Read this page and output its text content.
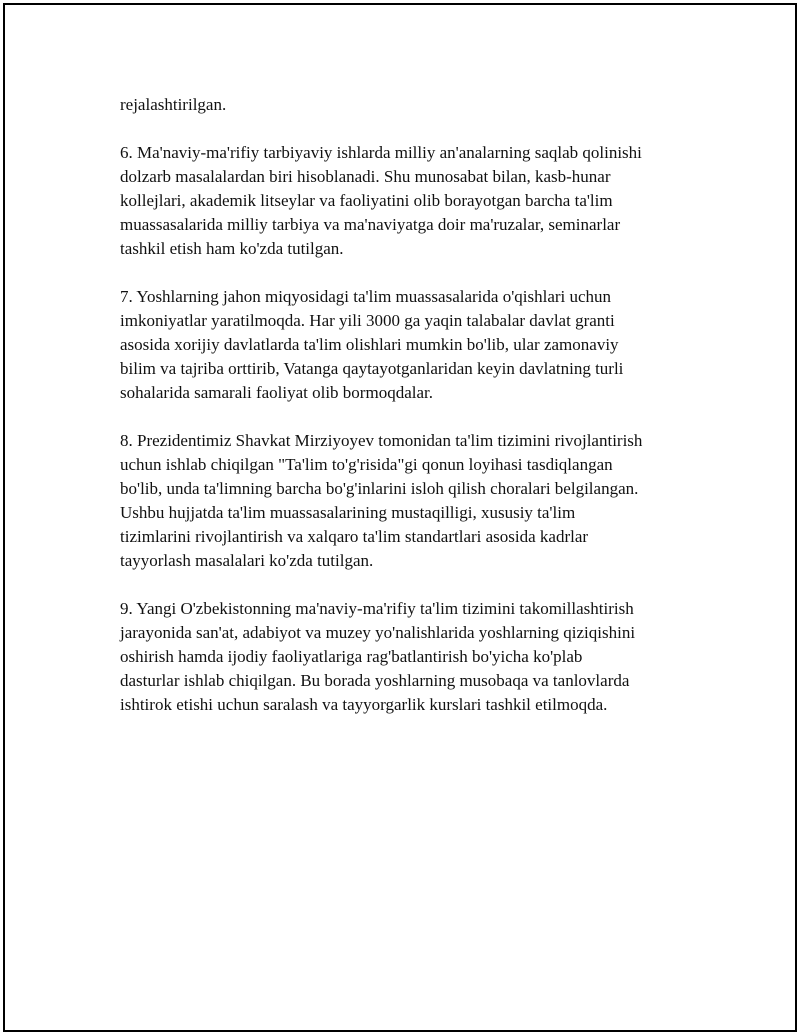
rejalashtirilgan.

6. Ma'naviy-ma'rifiy tarbiyaviy ishlarda milliy an'analarning saqlab qolinishi
dolzarb masalalardan biri hisoblanadi. Shu munosabat bilan, kasb-hunar
kollejlari, akademik litseylar va faoliyatini olib borayotgan barcha ta'lim
muassasalarida milliy tarbiya va ma'naviyatga doir ma'ruzalar, seminarlar
tashkil etish ham ko'zda tutilgan.

7. Yoshlarning jahon miqyosidagi ta'lim muassasalarida o'qishlari uchun
imkoniyatlar yaratilmoqda. Har yili 3000 ga yaqin talabalar davlat granti
asosida xorijiy davlatlarda ta'lim olishlari mumkin bo'lib, ular zamonaviy
bilim va tajriba orttirib, Vatanga qaytayotganlaridan keyin davlatning turli
sohalarida samarali faoliyat olib bormoqdalar.

8. Prezidentimiz Shavkat Mirziyoyev tomonidan ta'lim tizimini rivojlantirish
uchun ishlab chiqilgan "Ta'lim to'g'risida"gi qonun loyihasi tasdiqlangan
bo'lib, unda ta'limning barcha bo'g'inlarini isloh qilish choralari belgilangan.
Ushbu hujjatda ta'lim muassasalarining mustaqilligi, xususiy ta'lim
tizimlarini rivojlantirish va xalqaro ta'lim standartlari asosida kadrlar
tayyorlash masalalari ko'zda tutilgan.

9. Yangi O'zbekistonning ma'naviy-ma'rifiy ta'lim tizimini takomillashtirish
jarayonida san'at, adabiyot va muzey yo'nalishlarida yoshlarning qiziqishini
oshirish hamda ijodiy faoliyatlariga rag'batlantirish bo'yicha ko'plab
dasturlar ishlab chiqilgan. Bu borada yoshlarning musobaqa va tanlovlarda
ishtirok etishi uchun saralash va tayyorgarlik kurslari tashkil etilmoqda.
